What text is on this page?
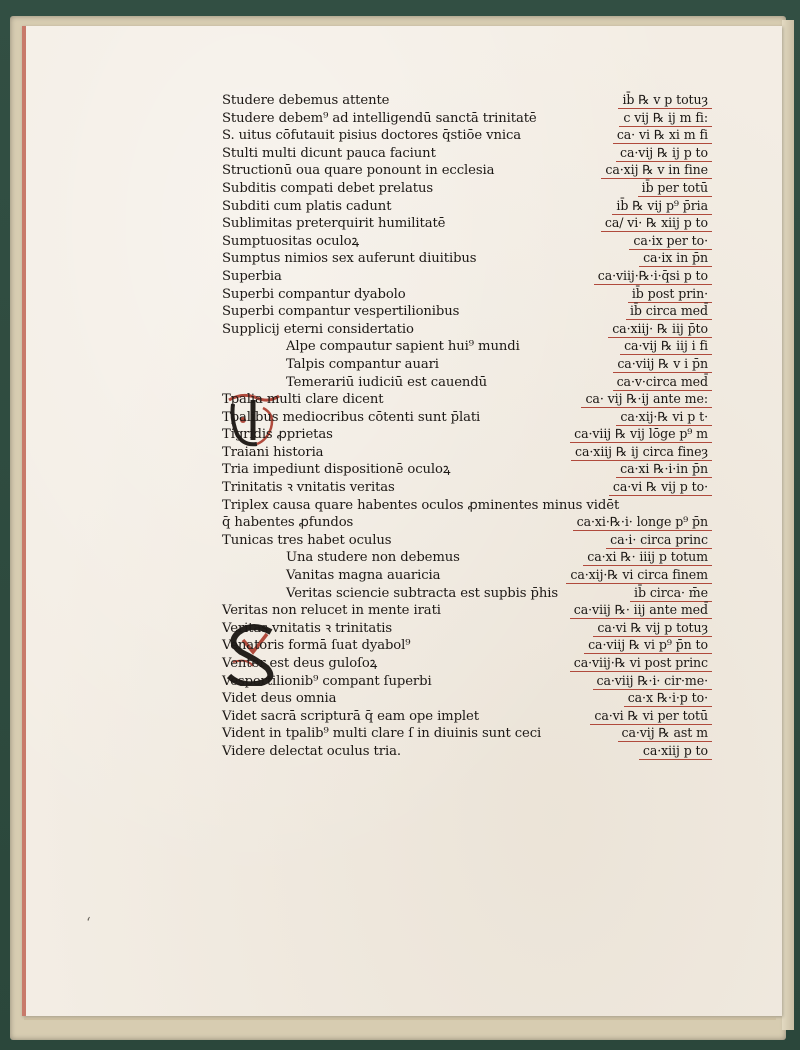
Studere debemus attente	ib̄ ℞ v p totuȝ
Studere debem⁹ ad intelligendū sanctā trinitatē	c vij ℞ ij m fi:
S. uitus cōfutauit pisius doctores q̄stiōe vnica	ca· vi ℞ xi m fi
Stulti multi dicunt pauca faciunt	ca·vij ℞ ij p to
Structionū oua quare ponount in ecclesia	ca·xij ℞ v in fine
Subditis compati debet prelatus	ib̄ per totū
Subditi cum platis cadunt	ib̄ ℞ vij p⁹ p̄ria
Sublimitas preterquirit humilitatē	ca/ vi· ℞ xiij p to
Sumptuositas oculoꝝ	ca·ix per to·
Sumptus nimios sex auferunt diuitibus	ca·ix in p̄n
Superbia	ca·viij·℞·i·q̄si p to
Superbi compantur dyabolo	ib̄ post prin·
Superbi compantur vespertilionibus	ib̄ circa med̄
Supplicij eterni considertatio	ca·xiij· ℞ iij p̄to
Alpe compautur sapient hui⁹ mundi	ca·vij ℞ iij i fi
Talpis compantur auari	ca·viij ℞ v i p̄n
Temerariū iudiciū est cauendū	ca·v·circa med̄
Tpalia multi clare dicent	ca· vij ℞·ij ante me:
Tpalibus mediocribus cōtenti sunt p̄lati	ca·xij·℞ vi p t·
Tigridis ꝓprietas	ca·viij ℞ vij lōge p⁹ m
Traiani historia	ca·xiij ℞ ij circa fineȝ
Tria impediunt dispositionē oculoꝝ	ca·xi ℞·i·in p̄n
Trinitatis ꝛ vnitatis veritas	ca·vi ℞ vij p to·
Triplex causa quare habentes oculos ꝓminentes minus vidēt
q̄ habentes ꝓfundos	ca·xi·℞·i· longe p⁹ p̄n
Tunicas tres habet oculus	ca·i· circa princ
Una studere non debemus	ca·xi ℞· iiij p totum
Vanitas magna auaricia	ca·xij·℞ vi circa finem
Veritas sciencie subtracta est supbis p̄his	ib̄ circa· m̄e
Veritas non relucet in mente irati	ca·viij ℞· iij ante med̄
Veritas vnitatis ꝛ trinitatis	ca·vi ℞ vij p totuȝ
Venatoris formā ſuat dyabol⁹	ca·viij ℞ vi p⁹ p̄n to
Venter est deus guloſoꝝ	ca·viij·℞ vi post princ
Vespertilionib⁹ compant ſuperbi	ca·viij ℞·i· cir·me·
Videt deus omnia	ca·x ℞·i·p to·
Videt sacrā scripturā q̄ eam ope implet	ca·vi ℞ vi per totū
Vident in tpalib⁹ multi clare ſ in diuinis sunt ceci	ca·vij ℞ ast m
Videre delectat oculus tria.	ca·xiij p to
ʻ
